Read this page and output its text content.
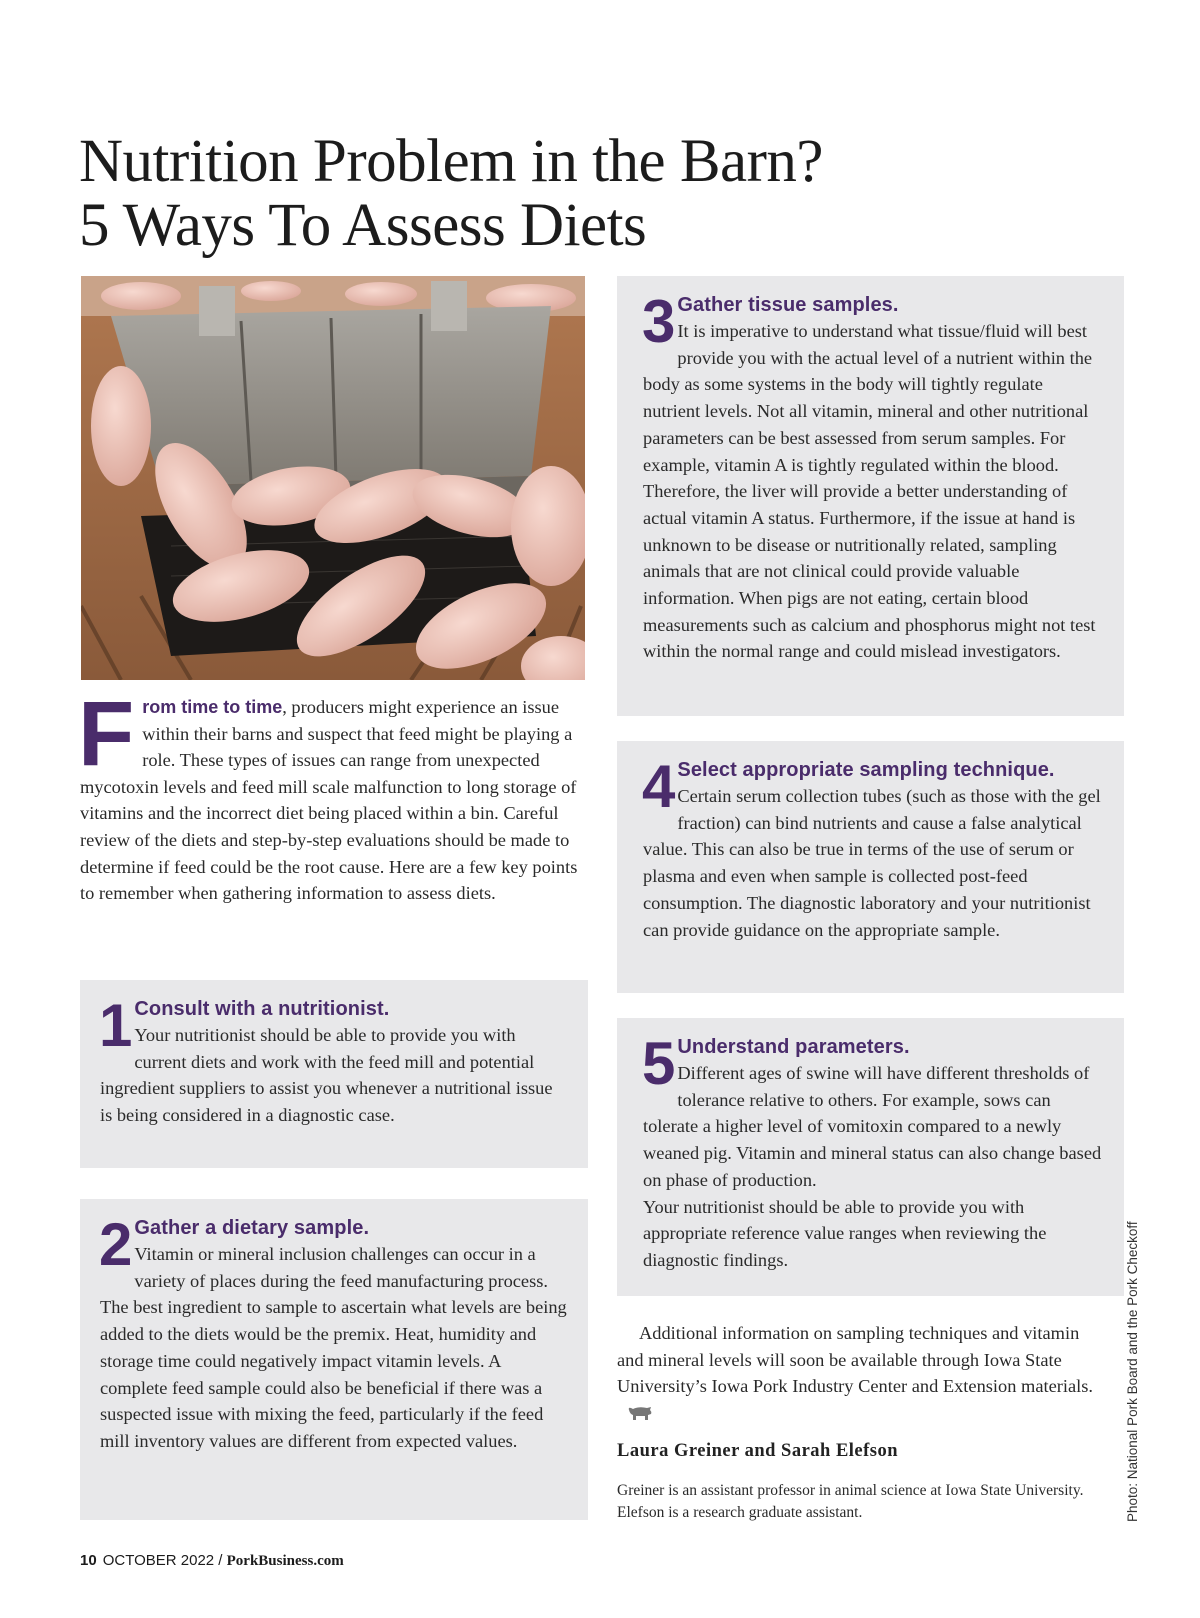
Nutrition Problem in the Barn?
5 Ways To Assess Diets
From time to time, producers might experience an issue within their barns and suspect that feed might be playing a role. These types of issues can range from unexpected mycotoxin levels and feed mill scale malfunction to long storage of vitamins and the incorrect diet being placed within a bin. Careful review of the diets and step-by-step evaluations should be made to determine if feed could be the root cause. Here are a few key points to remember when gathering information to assess diets.
1 Consult with a nutritionist.
Your nutritionist should be able to provide you with current diets and work with the feed mill and potential ingredient suppliers to assist you whenever a nutritional issue is being considered in a diagnostic case.
2 Gather a dietary sample.
Vitamin or mineral inclusion challenges can occur in a variety of places during the feed manufacturing process. The best ingredient to sample to ascertain what levels are being added to the diets would be the premix. Heat, humidity and storage time could negatively impact vitamin levels. A complete feed sample could also be beneficial if there was a suspected issue with mixing the feed, particularly if the feed mill inventory values are different from expected values.
3 Gather tissue samples.
It is imperative to understand what tissue/fluid will best provide you with the actual level of a nutrient within the body as some systems in the body will tightly regulate nutrient levels. Not all vitamin, mineral and other nutritional parameters can be best assessed from serum samples. For example, vitamin A is tightly regulated within the blood. Therefore, the liver will provide a better understanding of actual vitamin A status. Furthermore, if the issue at hand is unknown to be disease or nutritionally related, sampling animals that are not clinical could provide valuable information. When pigs are not eating, certain blood measurements such as calcium and phosphorus might not test within the normal range and could mislead investigators.
4 Select appropriate sampling technique.
Certain serum collection tubes (such as those with the gel fraction) can bind nutrients and cause a false analytical value. This can also be true in terms of the use of serum or plasma and even when sample is collected post-feed consumption. The diagnostic laboratory and your nutritionist can provide guidance on the appropriate sample.
5 Understand parameters.
Different ages of swine will have different thresholds of tolerance relative to others. For example, sows can tolerate a higher level of vomitoxin compared to a newly weaned pig. Vitamin and mineral status can also change based on phase of production.
Your nutritionist should be able to provide you with appropriate reference value ranges when reviewing the diagnostic findings.
Additional information on sampling techniques and vitamin and mineral levels will soon be available through Iowa State University’s Iowa Pork Industry Center and Extension materials.
Laura Greiner and Sarah Elefson
Greiner is an assistant professor in animal science at Iowa State University. Elefson is a research graduate assistant.	Photo: National Pork Board and the Pork Checkoff
10 OCTOBER 2022 / PorkBusiness.com
